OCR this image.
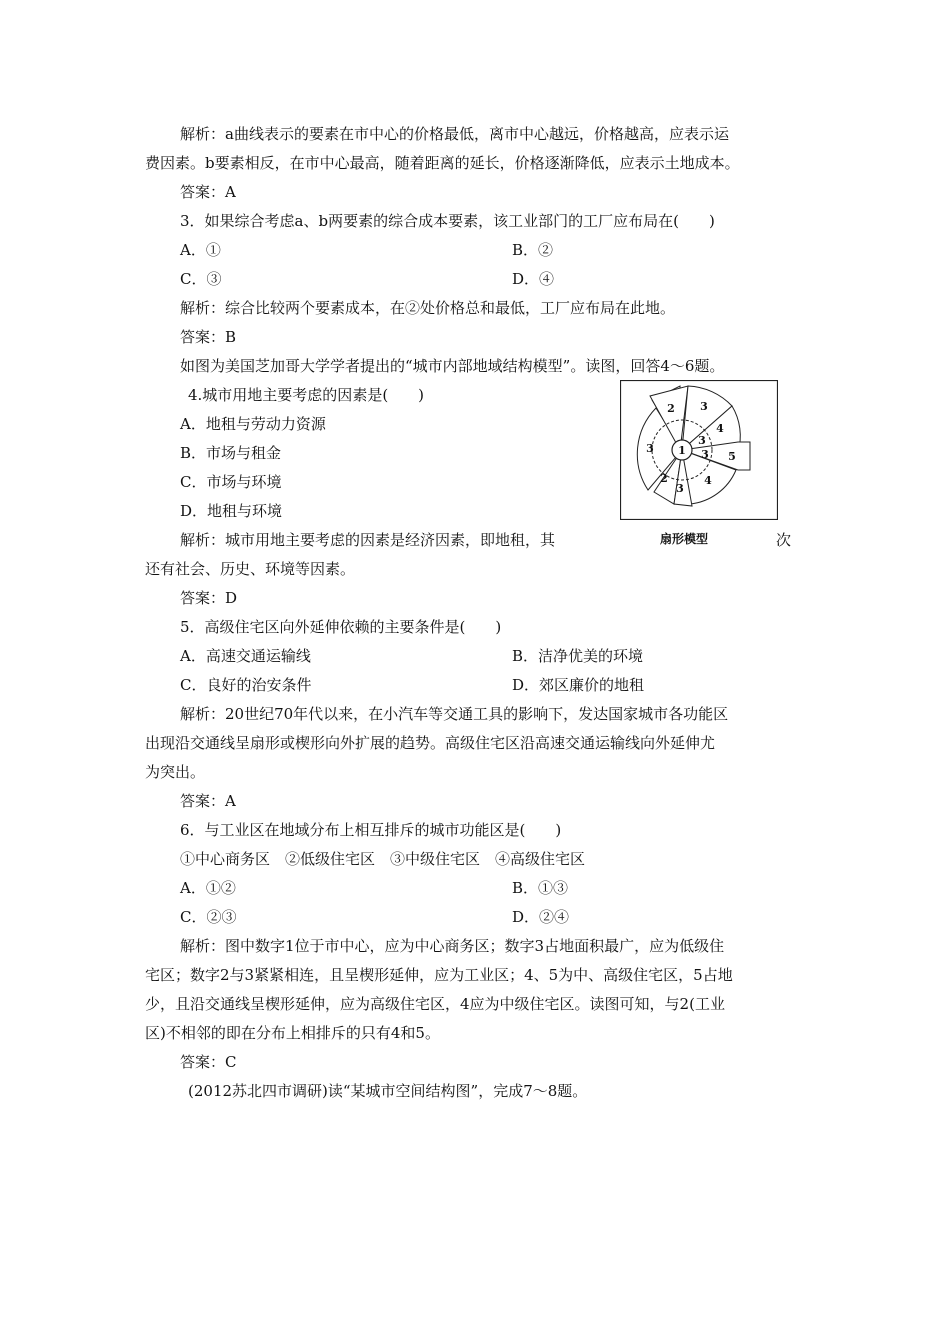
解析：a曲线表示的要素在市中心的价格最低，离市中心越远，价格越高，应表示运
费因素。b要素相反，在市中心最高，随着距离的延长，价格逐渐降低，应表示土地成本。
答案：A
3．如果综合考虑a、b两要素的综合成本要素，该工业部门的工厂应布局在(　　)
A．①	B．②
C．③	D．④
解析：综合比较两个要素成本，在②处价格总和最低，工厂应布局在此地。
答案：B
如图为美国芝加哥大学学者提出的“城市内部地域结构模型”。读图，回答4～6题。
4.城市用地主要考虑的因素是(　　)
A．地租与劳动力资源
B．市场与租金
C．市场与环境
D．地租与环境
解析：城市用地主要考虑的因素是经济因素，即地租，其	次
还有社会、历史、环境等因素。
答案：D
1
2
2
3
3
3
3
3
4
4
5
扇形模型
5．高级住宅区向外延伸依赖的主要条件是(　　)
A．高速交通运输线	B．洁净优美的环境
C．良好的治安条件	D．郊区廉价的地租
解析：20世纪70年代以来，在小汽车等交通工具的影响下，发达国家城市各功能区
出现沿交通线呈扇形或楔形向外扩展的趋势。高级住宅区沿高速交通运输线向外延伸尤
为突出。
答案：A
6．与工业区在地域分布上相互排斥的城市功能区是(　　)
①中心商务区　②低级住宅区　③中级住宅区　④高级住宅区
A．①②	B．①③
C．②③	D．②④
解析：图中数字1位于市中心，应为中心商务区；数字3占地面积最广，应为低级住
宅区；数字2与3紧紧相连，且呈楔形延伸，应为工业区；4、5为中、高级住宅区，5占地
少，且沿交通线呈楔形延伸，应为高级住宅区，4应为中级住宅区。读图可知，与2(工业
区)不相邻的即在分布上相排斥的只有4和5。
答案：C
(2012苏北四市调研)读“某城市空间结构图”，完成7～8题。
